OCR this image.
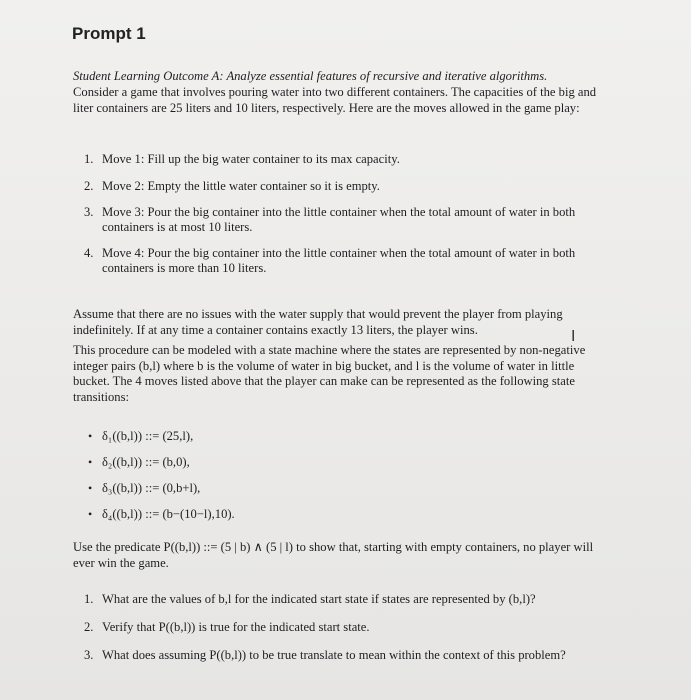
Prompt 1
Student Learning Outcome A: Analyze essential features of recursive and iterative algorithms.
Consider a game that involves pouring water into two different containers. The capacities of the big and liter containers are 25 liters and 10 liters, respectively. Here are the moves allowed in the game play:
1. Move 1: Fill up the big water container to its max capacity.
2. Move 2: Empty the little water container so it is empty.
3. Move 3: Pour the big container into the little container when the total amount of water in both containers is at most 10 liters.
4. Move 4: Pour the big container into the little container when the total amount of water in both containers is more than 10 liters.
Assume that there are no issues with the water supply that would prevent the player from playing indefinitely. If at any time a container contains exactly 13 liters, the player wins.	I
This procedure can be modeled with a state machine where the states are represented by non-negative integer pairs (b,l) where b is the volume of water in big bucket, and l is the volume of water in little bucket. The 4 moves listed above that the player can make can be represented as the following state transitions:
• δ₁((b,l)) ::= (25,l),
• δ₂((b,l)) ::= (b,0),
• δ₃((b,l)) ::= (0,b+l),
• δ₄((b,l)) ::= (b−(10−l),10).
Use the predicate P((b,l)) ::= (5 | b) ∧ (5 | l) to show that, starting with empty containers, no player will ever win the game.
1. What are the values of b,l for the indicated start state if states are represented by (b,l)?
2. Verify that P((b,l)) is true for the indicated start state.
3. What does assuming P((b,l)) to be true translate to mean within the context of this problem?
